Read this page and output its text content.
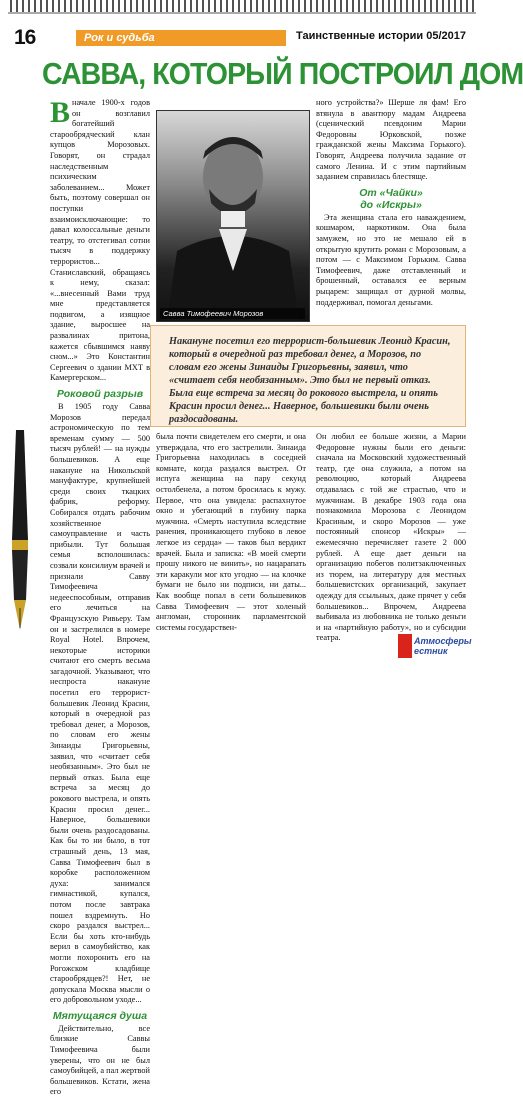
16	Рок и судьба	Таинственные истории 05/2017
САВВА, КОТОРЫЙ ПОСТРОИЛ ДОМ

Вначале 1900-х годов он возглавил богатейший старообрядческий клан купцов Морозовых. Говорят, он страдал наследственным психическим заболеванием... Может быть, поэтому совершал он поступки взаимоисключающие: то давал колоссальные деньги театру, то отстегивал сотни тысяч в поддержку террористов... Станиславский, обращаясь к нему, сказал: «...внесенный Вами труд мне представляется подвигом, а изящное здание, выросшее на развалинах притона, кажется сбывшимся наяву сном...» Это Константин Сергеевич о здании МХТ в Камергерском...

Роковой разрыв

В 1905 году Савва Морозов передал астрономическую по тем временам сумму — 500 тысяч рублей! — на нужды большевиков. А еще накануне на Никольской мануфактуре, крупнейшей среди своих ткацких фабрик, реформу. Собирался отдать рабочим хозяйственное самоуправление и часть прибыли. Тут большая семья всполошилась: созвали консилиум врачей и признали Савву Тимофеевича недееспособным, отправив его лечиться на Французскую Ривьеру. Там он и застрелился в номере Royal Hotel. Впрочем, некоторые историки считают его смерть весьма загадочной. Указывают, что неспроста накануне посетил его террорист-большевик Леонид Красин, который в очередной раз требовал денег, а Морозов, по словам его жены Зинаиды Григорьевны, заявил, что «считает себя необязанным». Это был не первый отказ. Была еще встреча за месяц до рокового выстрела, и опять Красин просил денег... Наверное, большевики были очень раздосадованы. Как бы то ни было, в тот страшный день, 13 мая, Савва Тимофеевич был в коробке расположенном духа: занимался гимнастикой, купался, потом после завтрака пошел вздремнуть. Но скоро раздался выстрел... Если бы хоть кто-нибудь верил в самоубийство, как могли похоронить его на Рогожском кладбище старообрядцев?! Нет, не допускала Москва мысли о его добровольном уходе...

Мятущаяся душа

Действительно, все близкие Саввы Тимофеевича были уверены, что он не был самоубийцей, а пал жертвой большевиков. Кстати, жена его

Савва Тимофеевич Морозов

ного устройства?» Шерше ля фам! Его втянула в авантюру мадам Андреева (сценический псевдоним Марии Федоровны Юрковской, позже гражданской жены Максима Горького). Говорят, Андреева получила задание от самого Ленина. И с этим партийным заданием справилась блестяще.

От «Чайки»
до «Искры»

Эта женщина стала его наваждением, кошмаром, наркотиком. Она была замужем, но это не мешало ей в открытую крутить роман с Морозовым, а потом — с Максимом Горьким. Савва Тимофеевич, даже отставленный и брошенный, оставался ее верным рыцарем: защищал от дурной молвы, поддерживал, помогал деньгами.

Накануне посетил его террорист-большевик Леонид Красин, который в очередной раз требовал денег, а Морозов, по словам его жены Зинаиды Григорьевны, заявил, что «считает себя необязанным». Это был не первый отказ. Была еще встреча за месяц до рокового выстрела, и опять Красин просил денег... Наверное, большевики были очень раздосадованы.

была почти свидетелем его смерти, и она утверждала, что его застрелили. Зинаида Григорьевна находилась в соседней комнате, когда раздался выстрел. От испуга женщина на пару секунд остолбенела, а потом бросилась к мужу. Первое, что она увидела: распахнутое окно и убегающий в глубину парка мужчина. «Смерть наступила вследствие ранения, проникающего глубоко в левое легкое из сердца» — таков был вердикт врачей. Была и записка: «В моей смерти прошу никого не винить», но нацарапать эти каракули мог кто угодно — на клочке бумаги не было ни подписи, ни даты... Как вообще попал в сети большевиков Савва Тимофеевич — этот холеный англоман, сторонник парламентской системы государствен-

Он любил ее больше жизни, а Марии Федоровне нужны были его деньги: сначала на Московский художественный театр, где она служила, а потом на революцию, который Андреева отдавалась с той же страстью, что и мужчинам. В декабре 1903 года она познакомила Морозова с Леонидом Красиным, и скоро Морозов — уже постоянный спонсор «Искры» — ежемесячно перечисляет газете 2 000 рублей. А еще дает деньги на организацию побегов политзаключенных из тюрем, на литературу для местных большевистских организаций, закупает одежду для ссыльных, даже прячет у себя большевиков... Впрочем, Андреева выбивала из любовника не только деньги и на «партийную работу», но и субсидии театра.	Атмосферы
естник
